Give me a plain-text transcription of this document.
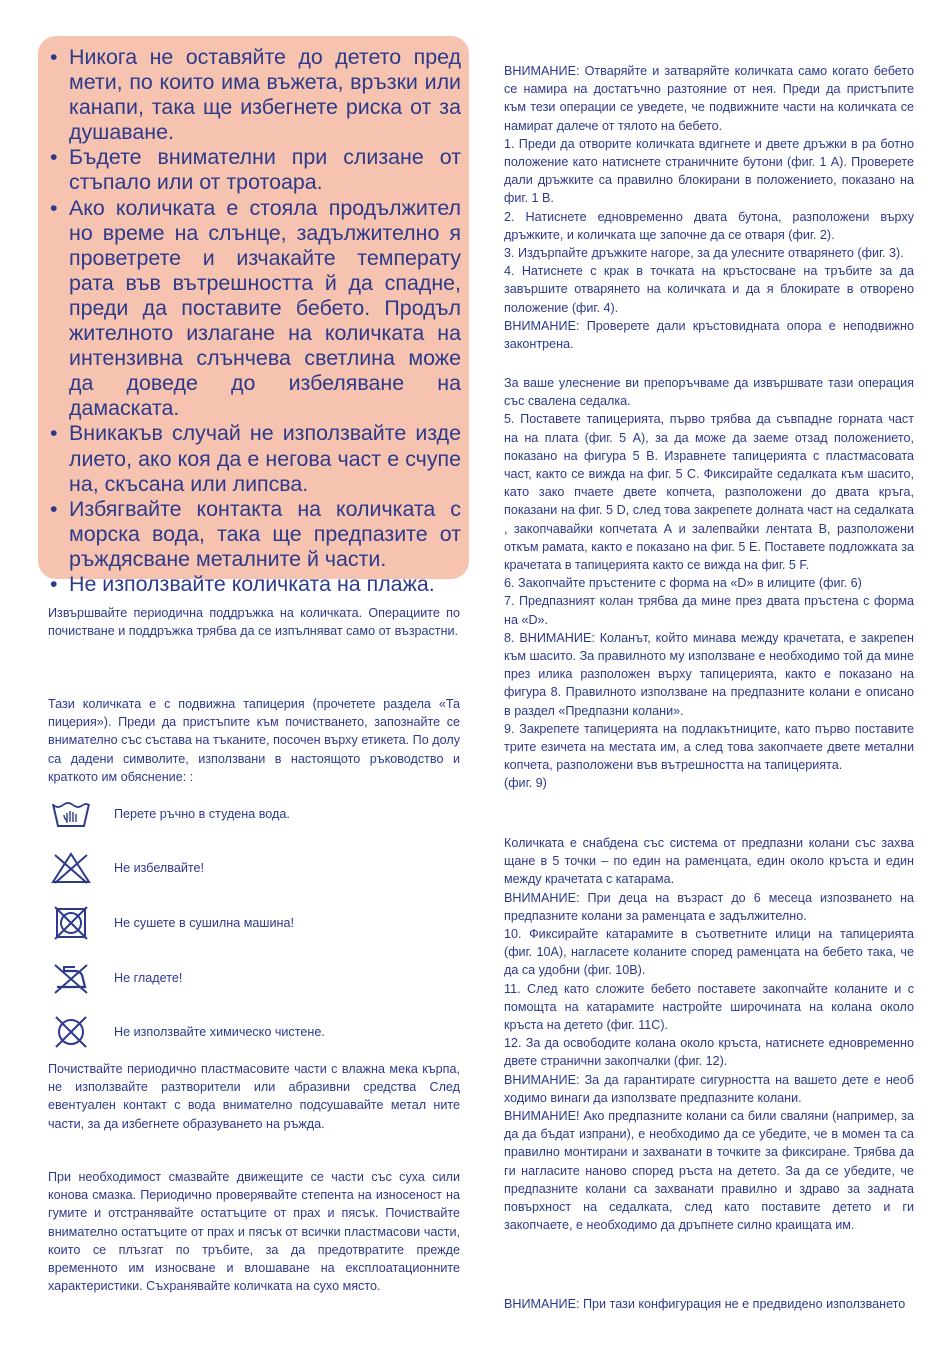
• Никога не оставяйте до детето пред мети, по които има въжета, връзки или канапи, така ще избегнете риска от за душаване.
• Бъдете внимателни при слизане от стъпало или от тротоара.
• Ако количката е стояла продължител но време на слънце, задължително я проветрете и изчакайте температу рата във вътрешността й да спадне, преди да поставите бебето. Продъл жителното излагане на количката на интензивна слънчева светлина може да доведе до избеляване на дамаската.
• Вникакъв случай не използвайте изде лието, ако коя да е негова част е счупе на, скъсана или липсва.
• Избягвайте контакта на количката с морска вода, така ще предпазите от ръждясване металните й части.
• Не използвайте количката на плажа.

Извършвайте периодична поддръжка на количката. Операциите по почистване и поддръжка трябва да се изпълняват само от възрастни.

Тази количката е с подвижна тапицерия (прочетете раздела «Та пицерия»). Преди да пристъпите към почистването, запознайте се внимателно със състава на тъканите, посочен върху етикета. По долу са дадени символите, използвани в настоящото ръководство и краткото им обяснение: :

Перете ръчно в студена вода.
Не избелвайте!
Не сушете в сушилна машина!
Не гладете!
Не използвайте химическо чистене.

Почиствайте периодично пластмасовите части с влажна мека кърпа, не използвайте разтворители или абразивни средства След евентуален контакт с вода внимателно подсушавайте метал ните части, за да избегнете образуването на ръжда.

При необходимост смазвайте движещите се части със суха сили конова смазка. Периодично проверявайте степента на износеност на гумите и отстранявайте остатъците от прах и пясък. Почиствайте внимателно остатъците от прах и пясък от всички пластмасови части, които се плъзгат по тръбите, за да предотвратите прежде временното им износване и влошаване на експлоатационните характеристики. Съхранявайте количката на сухо място.

ВНИМАНИЕ: Отваряйте и затваряйте количката само когато бебето се намира на достатъчно разтояние от нея. Преди да пристъпите към тези операции се уведете, че подвижните части на количката се намират далече от тялото на бебето.

1. Преди да отворите количката вдигнете и двете дръжки в ра ботно положение като натиснете страничните бутони (фиг. 1 А). Проверете дали дръжките са правилно блокирани в положението, показано на фиг. 1 В.

2. Натиснете едновременно двата бутона, разположени върху дръжките, и количката ще започне да се отваря (фиг. 2).

3. Издърпайте дръжките нагоре, за да улесните отварянето (фиг. 3).

4. Натиснете с крак в точката на кръстосване на тръбите за да завършите отварянето на количката и да я блокирате в отворено положение (фиг. 4).

ВНИМАНИЕ: Проверете дали кръстовидната опора е неподвижно законтрена.

За ваше улеснение ви препоръчваме да извършвате тази операция със свалена седалка.

5. Поставете тапицерията, първо трябва да съвпадне горната част на на плата (фиг. 5 А), за да може да заеме отзад положението, показано на фигура 5 В. Изравнете тапицерията с пластмасовата част, както се вижда на фиг. 5 С. Фиксирайте седалката към шасито, като зако пчаете двете копчета, разположени до двата кръга, показани на фиг. 5 D, след това закрепете долната част на седалката , закопчавайки копчетата А и залепвайки лентата В, разположени откъм рамата, както е показано на фиг. 5 Е. Поставете подложката за крачетата в тапицерията както се вижда на фиг. 5 F.

6. Закопчайте пръстените с форма на «D» в илиците (фиг. 6)

7. Предпазният колан трябва да мине през двата пръстена с форма на «D».

8. ВНИМАНИЕ: Коланът, който минава между крачетата, е закрепен към шасито. За правилното му използване е необходимо той да мине през илика разположен върху тапицерията, както е показано на фигура 8. Правилното използване на предпазните колани е описано в раздел «Предпазни колани».

9. Закрепете тапицерията на подлакътниците, като първо поставите трите езичета на местата им, а след това закопчаете двете метални копчета, разположени във вътрешността на тапицерията.

(фиг. 9)

Количката е снабдена със система от предпазни колани със захва щане в 5 точки – по един на раменцата, един около кръста и един между крачетата с катарама.

ВНИМАНИЕ: При деца на възраст до 6 месеца изпозването на предпазните колани за раменцата е задължително.

10. Фиксирайте катарамите в съответните илици на тапицерията (фиг. 10А), нагласете коланите според раменцата на бебето така, че да са удобни (фиг. 10В).

11. След като сложите бебето поставете закопчайте коланите и с помощта на катарамите настройте широчината на колана около кръста на детето (фиг. 11С).

12. За да освободите колана около кръста, натиснете едновременно двете странични закопчалки (фиг. 12).

ВНИМАНИЕ: За да гарантирате сигурността на вашето дете е необ ходимо винаги да използвате предпазните колани.

ВНИМАНИЕ! Ако предпазните колани са били сваляни (например, за да да бъдат изпрани), е необходимо да се убедите, че в момен та са правилно монтирани и захванати в точките за фиксиране. Трябва да ги нагласите наново според ръста на детето. За да се убедите, че предпазните колани са захванати правилно и здраво за задната повърхност на седалката, след като поставите детето и ги закопчаете, е необходимо да дръпнете силно краищата им.

ВНИМАНИЕ: При тази конфигурация не е предвидено използването
